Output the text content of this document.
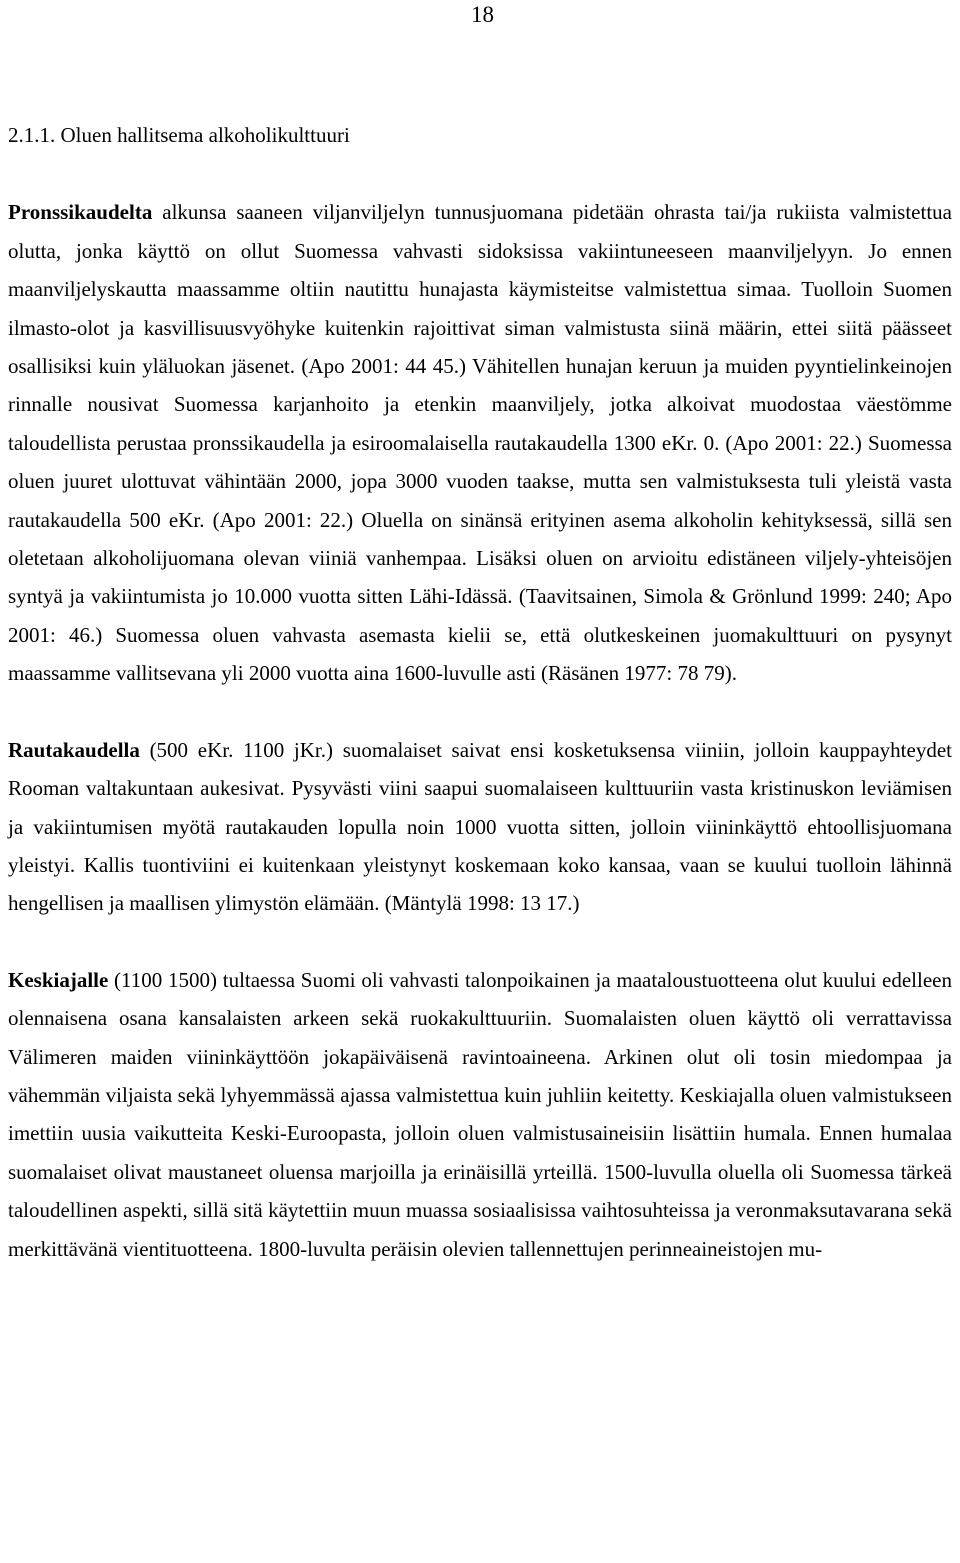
18
2.1.1. Oluen hallitsema alkoholikulttuuri

Pronssikaudelta alkunsa saaneen viljanviljelyn tunnusjuomana pidetään ohrasta tai/ja rukiista valmistettua olutta, jonka käyttö on ollut Suomessa vahvasti sidoksissa vakiintuneeseen maanviljelyyn. Jo ennen maanviljelyskautta maassamme oltiin nautittu hunajasta käymisteitse valmistettua simaa. Tuolloin Suomen ilmasto-olot ja kasvillisuusvyöhyke kuitenkin rajoittivat siman valmistusta siinä määrin, ettei siitä päässeet osallisiksi kuin yläluokan jäsenet. (Apo 2001: 44 45.) Vähitellen hunajan keruun ja muiden pyyntielinkeinojen rinnalle nousivat Suomessa karjanhoito ja etenkin maanviljely, jotka alkoivat muodostaa väestömme taloudellista perustaa pronssikaudella ja esiroomalaisella rautakaudella 1300 eKr. 0. (Apo 2001: 22.) Suomessa oluen juuret ulottuvat vähintään 2000, jopa 3000 vuoden taakse, mutta sen valmistuksesta tuli yleistä vasta rautakaudella 500 eKr. (Apo 2001: 22.) Oluella on sinänsä erityinen asema alkoholin kehityksessä, sillä sen oletetaan alkoholijuomana olevan viiniä vanhempaa. Lisäksi oluen on arvioitu edistäneen viljely-yhteisöjen syntyä ja vakiintumista jo 10.000 vuotta sitten Lähi-Idässä. (Taavitsainen, Simola & Grönlund 1999: 240; Apo 2001: 46.) Suomessa oluen vahvasta asemasta kielii se, että olutkeskeinen juomakulttuuri on pysynyt maassamme vallitsevana yli 2000 vuotta aina 1600-luvulle asti (Räsänen 1977: 78 79).

Rautakaudella (500 eKr. 1100 jKr.) suomalaiset saivat ensi kosketuksensa viiniin, jolloin kauppayhteydet Rooman valtakuntaan aukesivat. Pysyvästi viini saapui suomalaiseen kulttuuriin vasta kristinuskon leviämisen ja vakiintumisen myötä rautakauden lopulla noin 1000 vuotta sitten, jolloin viininkäyttö ehtoollisjuomana yleistyi. Kallis tuontiviini ei kuitenkaan yleistynyt koskemaan koko kansaa, vaan se kuului tuolloin lähinnä hengellisen ja maallisen ylimystön elämään. (Mäntylä 1998: 13 17.)

Keskiajalle (1100 1500) tultaessa Suomi oli vahvasti talonpoikainen ja maataloustuotteena olut kuului edelleen olennaisena osana kansalaisten arkeen sekä ruokakulttuuriin. Suomalaisten oluen käyttö oli verrattavissa Välimeren maiden viininkäyttöön jokapäiväisenä ravintoaineena. Arkinen olut oli tosin miedompaa ja vähemmän viljaista sekä lyhyemmässä ajassa valmistettua kuin juhliin keitetty. Keskiajalla oluen valmistukseen imettiin uusia vaikutteita Keski-Euroopasta, jolloin oluen valmistusaineisiin lisättiin humala. Ennen humalaa suomalaiset olivat maustaneet oluensa marjoilla ja erinäisillä yrteillä. 1500-luvulla oluella oli Suomessa tärkeä taloudellinen aspekti, sillä sitä käytettiin muun muassa sosiaalisissa vaihtosuhteissa ja veronmaksutavarana sekä merkittävänä vientituotteena. 1800-luvulta peräisin olevien tallennettujen perinneaineistojen mu-
